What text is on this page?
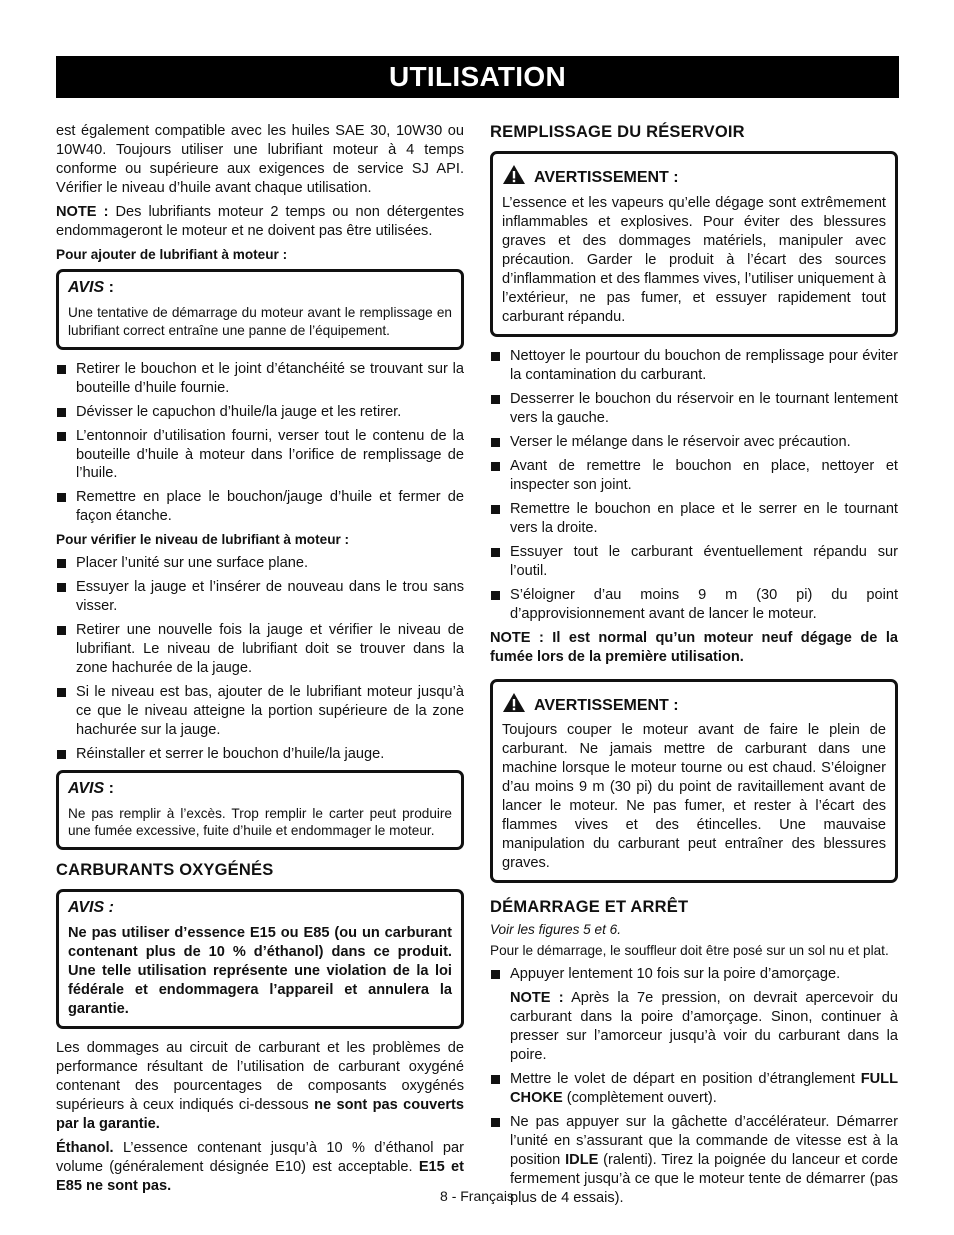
UTILISATION

est également compatible avec les huiles SAE 30, 10W30 ou 10W40. Toujours utiliser une lubrifiant moteur à 4 temps conforme ou supérieure aux exigences de service SJ API. Vérifier le niveau d’huile avant chaque utilisation.

NOTE : Des lubrifiants moteur 2 temps ou non détergentes endommageront le moteur et ne doivent pas être utilisées.

Pour ajouter de lubrifiant à moteur :

AVIS :

Une tentative de démarrage du moteur avant le remplissage en lubrifiant correct entraîne une panne de l’équipement.

Retirer le bouchon et le joint d’étanchéité se trouvant sur la bouteille d’huile fournie.
Dévisser le capuchon d’huile/la jauge et les retirer.
L’entonnoir d’utilisation fourni, verser tout le contenu de la bouteille d’huile à moteur dans l’orifice de remplissage de l’huile.
Remettre en place le bouchon/jauge d’huile et fermer de façon étanche.

Pour vérifier le niveau de lubrifiant à moteur :

Placer l’unité sur une surface plane.
Essuyer la jauge et l’insérer de nouveau dans le trou sans visser.
Retirer une nouvelle fois la jauge et vérifier le niveau de lubrifiant. Le niveau de lubrifiant doit se trouver dans la zone hachurée de la jauge.
Si le niveau est bas, ajouter de le lubrifiant moteur jusqu’à ce que le niveau atteigne la portion supérieure de la zone hachurée sur la jauge.
Réinstaller et serrer le bouchon d’huile/la jauge.
AVIS :

Ne pas remplir à l’excès. Trop remplir le carter peut produire une fumée excessive, fuite d’huile et endommager le moteur.

CARBURANTS OXYGÉNÉS
AVIS :

Ne pas utiliser d’essence E15 ou E85 (ou un carburant contenant plus de 10 % d’éthanol) dans ce produit. Une telle utilisation représente une violation de la loi fédérale et endommagera l’appareil et annulera la garantie.

Les dommages au circuit de carburant et les problèmes de performance résultant de l’utilisation de carburant oxygéné contenant des pourcentages de composants oxygénés supérieurs à ceux indiqués ci-dessous ne sont pas couverts par la garantie.

Éthanol. L’essence contenant jusqu’à 10 % d’éthanol par volume (généralement désignée E10) est acceptable. E15 et E85 ne sont pas.

REMPLISSAGE DU RÉSERVOIR
AVERTISSEMENT :

L’essence et les vapeurs qu’elle dégage sont extrêmement inflammables et explosives. Pour éviter des blessures graves et des dommages matériels, manipuler avec précaution. Garder le produit à l’écart des sources d’inflammation et des flammes vives, l’utiliser uniquement à l’extérieur, ne pas fumer, et essuyer rapidement tout carburant répandu.

Nettoyer le pourtour du bouchon de remplissage pour éviter la contamination du carburant.
Desserrer le bouchon du réservoir en le tournant lentement vers la gauche.
Verser le mélange dans le réservoir avec précaution.
Avant de remettre le bouchon en place, nettoyer et inspecter son joint.
Remettre le bouchon en place et le serrer en le tournant vers la droite.
Essuyer tout le carburant éventuellement répandu sur l’outil.
S’éloigner d’au moins 9 m (30 pi) du point d’approvisionnement avant de lancer le moteur.

NOTE : Il est normal qu’un moteur neuf dégage de la fumée lors de la première utilisation.

AVERTISSEMENT :

Toujours couper le moteur avant de faire le plein de carburant. Ne jamais mettre de carburant dans une machine lorsque le moteur tourne ou est chaud. S’éloigner d’au moins 9 m (30 pi) du point de ravitaillement avant de lancer le moteur. Ne pas fumer, et rester à l’écart des flammes vives et des étincelles. Une mauvaise manipulation du carburant peut entraîner des blessures graves.

DÉMARRAGE ET ARRÊT

Voir les figures 5 et 6.

Pour le démarrage, le souffleur doit être posé sur un sol nu et plat.

Appuyer lentement 10 fois sur la poire d’amorçage.

NOTE : Après la 7e pression, on devrait apercevoir du carburant dans la poire d’amorçage. Sinon, continuer à presser sur l’amorceur jusqu’à voir du carburant dans la poire.

Mettre le volet de départ en position d’étranglement FULL CHOKE (complètement ouvert).
Ne pas appuyer sur la gâchette d’accélérateur. Démarrer l’unité en s’assurant que la commande de vitesse est à la position IDLE (ralenti). Tirez la poignée du lanceur et corde fermement jusqu’à ce que le moteur tente de démarrer (pas plus de 4 essais).
8 - Français
